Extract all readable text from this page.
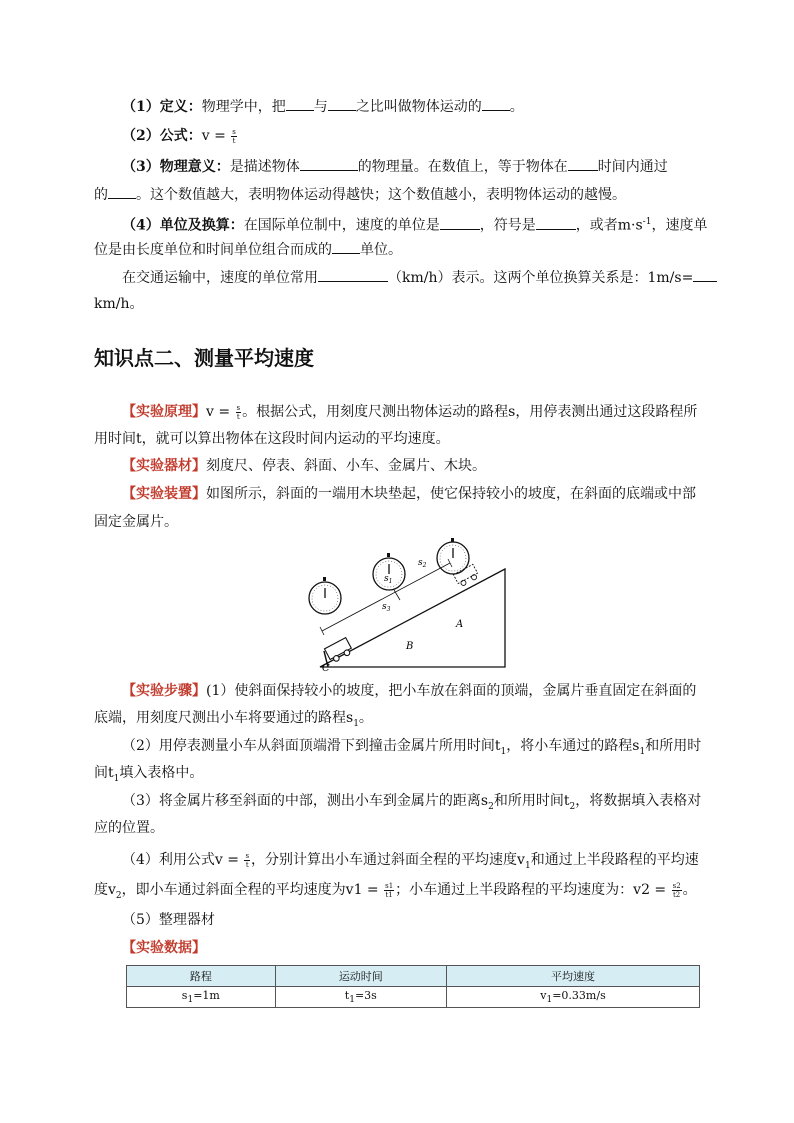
（1）定义：物理学中，把 与 之比叫做物体运动的 。
（2）公式：$v = \frac{s}{t}$
（3）物理意义：是描述物体	的物理量。在数值上，等于物体在 时间内通过
的 。这个数值越大，表明物体运动得越快；这个数值越小，表明物体运动的越慢。
（4）单位及换算：在国际单位制中，速度的单位是	，符号是	，或者$m\cdot s^{-1}$，速度单
位是由长度单位和时间单位组合而成的 单位。
在交通运输中，速度的单位常用	（km/h）表示。这两个单位换算关系是：1m/s=
km/h。
知识点二、测量平均速度
【实验原理】$v = \frac{s}{t}$ 。根据公式，用刻度尺测出物体运动的路程s，用停表测出通过这段路程所
用时间t，就可以算出物体在这段时间内运动的平均速度。
【实验器材】刻度尺、停表、斜面、小车、金属片、木块。
【实验装置】如图所示，斜面的一端用木块垫起，使它保持较小的坡度，在斜面的底端或中部
固定金属片。
$s_3$
$s_1$
$s_2$
A
B
C
【实验步骤】(1）使斜面保持较小的坡度，把小车放在斜面的顶端，金属片垂直固定在斜面的
底端，用刻度尺测出小车将要通过的路程$s_1$。
（2）用停表测量小车从斜面顶端滑下到撞击金属片所用时间$t_1$，将小车通过的路程$s_1$和所用时
间$t_1$填入表格中。
（3）将金属片移至斜面的中部，测出小车到金属片的距离$s_2$和所用时间$t_2$，将数据填入表格对
应的位置。
（4）利用公式$v = \frac{s}{t}$ ，分别计算出小车通过斜面全程的平均速度$v_1$和通过上半段路程的平均速
度$v_2$，即小车通过斜面全程的平均速度为$v1 = \frac{s1}{t1}$ ；小车通过上半段路程的平均速度为：$v2 = \frac{s2}{t2}$ 。
（5）整理器材
【实验数据】
路程	运动时间	平均速度
$s_1=1m$	$t_1=3s$	$v_1=0.33m/s$
